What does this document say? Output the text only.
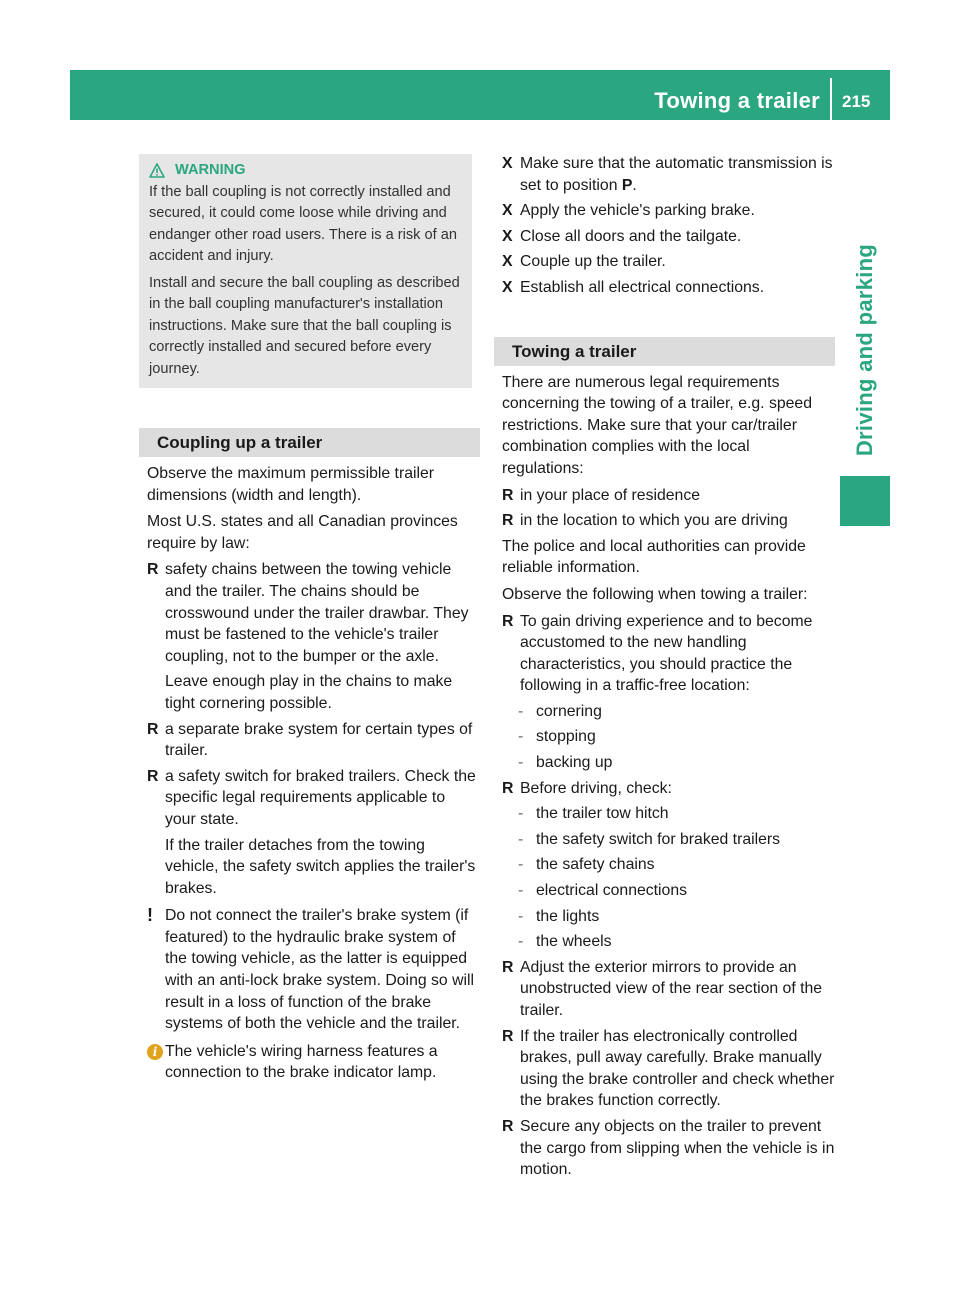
Towing a trailer 215
Driving and parking
WARNING

If the ball coupling is not correctly installed and secured, it could come loose while driving and endanger other road users. There is a risk of an accident and injury.

Install and secure the ball coupling as described in the ball coupling manufacturer's installation instructions. Make sure that the ball coupling is correctly installed and secured before every journey.

Coupling up a trailer

Observe the maximum permissible trailer dimensions (width and length).

Most U.S. states and all Canadian provinces require by law:

R safety chains between the towing vehicle and the trailer. The chains should be crosswound under the trailer drawbar. They must be fastened to the vehicle's trailer coupling, not to the bumper or the axle.

Leave enough play in the chains to make tight cornering possible.

R a separate brake system for certain types of trailer.
R a safety switch for braked trailers. Check the specific legal requirements applicable to your state.

If the trailer detaches from the towing vehicle, the safety switch applies the trailer's brakes.

! Do not connect the trailer's brake system (if featured) to the hydraulic brake system of the towing vehicle, as the latter is equipped with an anti-lock brake system. Doing so will result in a loss of function of the brake systems of both the vehicle and the trailer.
i The vehicle's wiring harness features a connection to the brake indicator lamp.
X Make sure that the automatic transmission is set to position P.
X Apply the vehicle's parking brake.
X Close all doors and the tailgate.
X Couple up the trailer.
X Establish all electrical connections.
Towing a trailer

There are numerous legal requirements concerning the towing of a trailer, e.g. speed restrictions. Make sure that your car/trailer combination complies with the local regulations:

R in your place of residence
R in the location to which you are driving

The police and local authorities can provide reliable information.

Observe the following when towing a trailer:

R To gain driving experience and to become accustomed to the new handling characteristics, you should practice the following in a traffic-free location:
- cornering
- stopping
- backing up
R Before driving, check:
- the trailer tow hitch
- the safety switch for braked trailers
- the safety chains
- electrical connections
- the lights
- the wheels
R Adjust the exterior mirrors to provide an unobstructed view of the rear section of the trailer.
R If the trailer has electronically controlled brakes, pull away carefully. Brake manually using the brake controller and check whether the brakes function correctly.
R Secure any objects on the trailer to prevent the cargo from slipping when the vehicle is in motion.
